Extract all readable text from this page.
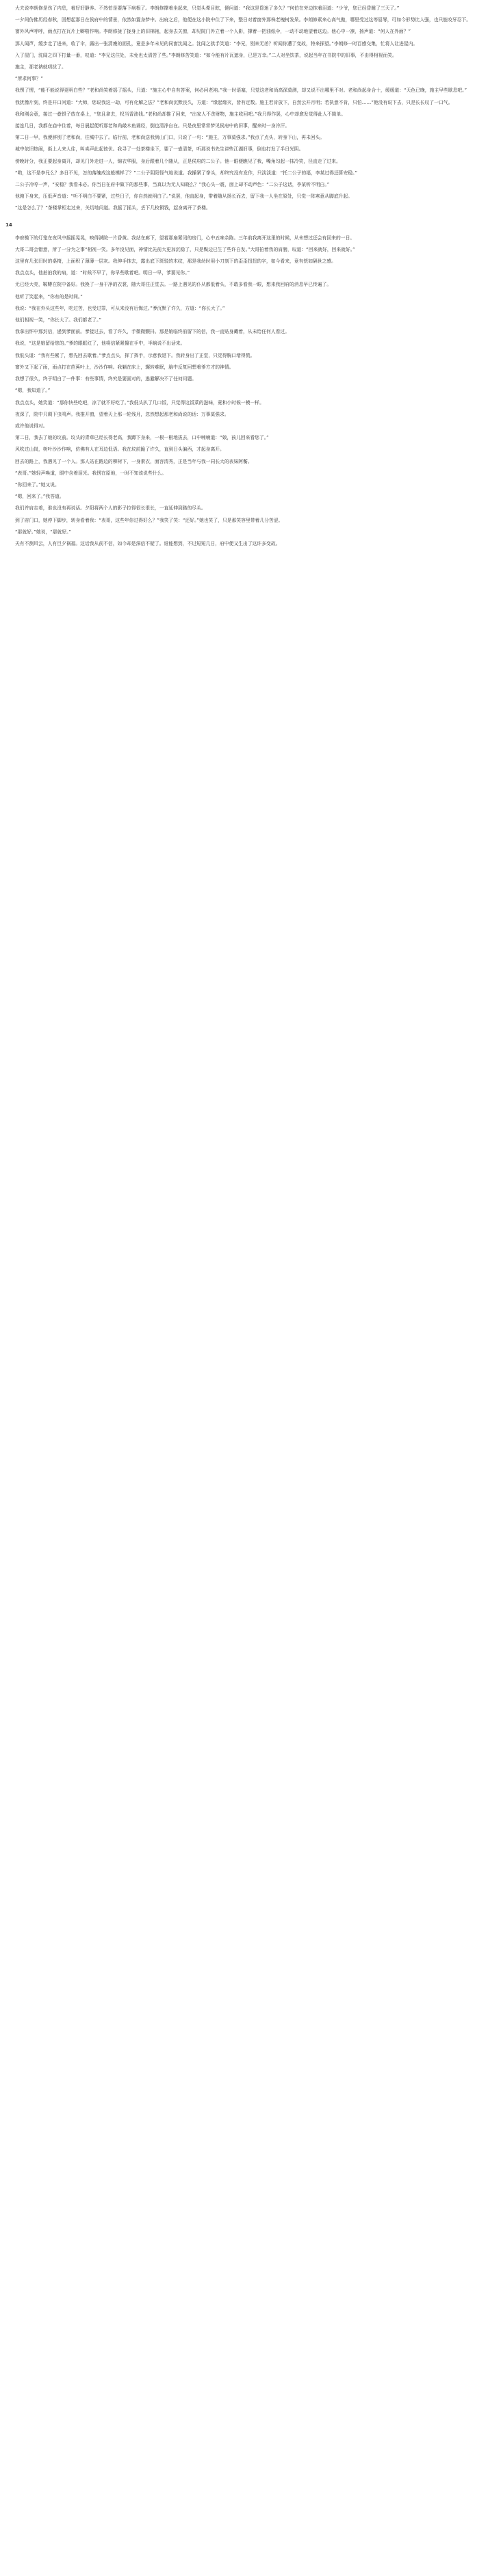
大夫说李朗修是伤了内息，着好好静养。不然怕是要落下病根了。李朗修撑着坐起来，只觉头晕目眩，便问道：“我这是昏迷了多久？”何伯在旁边抹着泪道：“少爷，您已经昏睡了三天了。”

一夕间仿佛历经春秋，回想起那日在侯府中的情景，依然如置身梦中。出府之后，他便在这小院中住了下来，整日对着窗外那株老槐树发呆。李朗修素来心高气傲，哪里受过这等屈辱，可如今形势比人强，也只能咬牙忍下。

窗外风声呼呼，雨点打在瓦片上噼啪作响。李朗修拢了拢身上的旧棉袍，起身去关窗，却见院门外立着一个人影，撑着一把油纸伞，一动不动地望着这边。他心中一凛，扬声道：“何人在外面？”

那人闻声，缓步走了进来，收了伞，露出一张清瘦的面孔，竟是多年未见的同窗沈闻之。沈闻之拱手笑道：“李兄，别来无恙？听闻你遭了变故，特来探望。”李朗修一时百感交集，忙将人让进屋内。

入了屋门，沈闻之四下打量一番，叹道：“李兄这住处，未免也太清苦了些。”李朗修苦笑道：“如今能有片瓦遮身，已是万幸。”二人对坐饮茶，说起当年在书院中的旧事，不由得相视而笑。

施主，那老衲就叨扰了。

“所求何事？”

我愣了愣，“能不能说得更明白些？”老和尚笑着摇了摇头，只道：“施主心中自有答案，何必问老衲。”我一时语塞，只觉这老和尚高深莫测，却又说不出哪里不对。老和尚起身合十，缓缓道：“天色已晚，施主早些歇息吧。”

我犹豫片刻，终是开口问道：“大师，您说我这一劫，可有化解之法？”老和尚沉默良久，方道：“缘起缘灭，皆有定数。施主若肯放下，自然云开月明；若执意不肯，只怕……”他没有说下去，只是长长叹了一口气。

我和刚会意，接过一叠银子放在桌上，“您且拿去，权当香油钱。”老和尚却推了回来，“出家人不贪财物，施主收回吧。”我只得作罢，心中却愈发觉得此人不简单。

接连几日，我都在庙中住着，每日晨起便听那老和尚敲木鱼诵经，倒也清净自在。只是夜里常常梦见侯府中的旧事，醒来时一身冷汗。

第二日一早，我便辞别了老和尚，往城中去了。临行前，老和尚送我到山门口，只说了一句：“施主，万事莫强求。”我点了点头，转身下山，再未回头。

城中依旧热闹，街上人来人往，叫卖声此起彼伏。我寻了一处茶楼坐下，要了一壶清茶，听那说书先生讲些江湖旧事，倒也打发了半日光阴。

傍晚时分，我正要起身离开，却见门外走进一人，锦衣华服，身后跟着几个随从，正是侯府的二公子。他一眼便瞧见了我，嘴角勾起一抹冷笑，径直走了过来。

“哟，这不是李兄么？多日不见，怎的落魄成这般模样了？”二公子阴阳怪气地说道。我攥紧了拳头，却终究没有发作，只淡淡道：“托二公子的福，李某过得还算安稳。”

二公子冷哼一声，“安稳？我看未必。你当日在府中做下的那些事，当真以为无人知晓么？”我心头一震，面上却不动声色：“二公子这话，李某听不明白。”

他俯下身来，压低声音道：“听不明白不要紧，过些日子，你自然就明白了。”说罢，他直起身，带着随从扬长而去，留下我一人坐在原处，只觉一阵寒意从脚底升起。

“这是怎么了？”茶楼掌柜走过来，关切地问道。我摇了摇头，丢下几枚铜钱，起身离开了茶楼。

14

李府檐下的灯笼在夜风中摇摇晃晃，映得满院一片昏黄。我站在廊下，望着那扇紧闭的房门，心中五味杂陈。三年前我离开这里的时候，从未想过还会有回来的一日。

大哥二哥会错意，所了一分为之事“相视一笑。多年没见面，神情比先前大更加沉稳了，只是鬓边已生了些许白发。”大哥拍着我的肩膀，叹道：“回来就好，回来就好。”

这里有几张旧时的桌椅，上面积了薄薄一层灰。我伸手抹去，露出底下斑驳的木纹，那是我幼时用小刀刻下的歪歪扭扭的字，如今看来，竟有恍如隔世之感。

我点点头，他拍拍我的肩，道：“时候不早了，你早些歇着吧。明日一早，爹要见你。”

无已经大亮，鞍鞯在院中备好。我换了一身干净的衣裳，随大哥往正堂去。一路上遇见的仆从都低着头，不敢多看我一眼，想来我回府的消息早已传遍了。

他听了笑起来，“你有的是时间。”

我说：“我在外头这些年，吃过苦，也受过罪，可从来没有后悔过。”爹沉默了许久，方道：“你长大了。”

他们相视一笑，“你长大了。我们都老了。”

我拿出怀中那封信，递到爹面前。爹接过去，看了许久，手微微颤抖。那是娘临终前留下的信，我一直贴身藏着，从未给任何人看过。

我说，“这是娘留给您的。”爹的眼眶红了，他将信紧紧攥在手中，半晌说不出话来。

我低头道：“我有些累了，想先回去歇着。”爹点点头，挥了挥手，示意我退下。我转身出了正堂，只觉得胸口堵得慌。

窗外又下起了雨，雨点打在芭蕉叶上，沙沙作响。我躺在床上，辗转难眠，脑中反复回想着爹方才的神情。

我想了很久，终于明白了一件事：有些事情，终究是要面对的，逃避解决不了任何问题。

“嗯，我知道了。”

我点点头，她笑道：“那你快些吃吧，凉了就不好吃了。”我低头扒了几口饭，只觉得这饭菜的滋味，竟和小时候一模一样。

夜深了，院中只剩下虫鸣声。我推开窗，望着天上那一轮残月，忽然想起那老和尚说的话：万事莫强求。

或许他说得对。

第二日，我去了娘的坟前。坟头的青草已经长得老高，我蹲下身来，一根一根地拔去，口中喃喃道：“娘，孩儿回来看您了。”

风吹过山岗，树叶沙沙作响，仿佛有人在耳边低语。我在坟前跪了许久，直到日头偏西，才起身离开。

回去的路上，我遇见了一个人。那人站在路边的柳树下，一身素衣，面容清秀，正是当年与我一同长大的表妹阿蘅。

“表哥。”她轻声唤道，眼中含着泪光。我愣在原地，一时不知该说些什么。

“你回来了。”她又说。

“嗯，回来了。”我答道。

我们并肩走着，谁也没有再说话。夕阳将两个人的影子拉得很长很长，一直延伸到路的尽头。

到了府门口，她停下脚步，转身看着我：“表哥，这些年你过得好么？”我笑了笑：“还好。”她也笑了，只是那笑容里带着几分苦涩。

“那就好。”她说，“那就好。”

天有不测风云，人有旦夕祸福。这话我从前不信，如今却是深信不疑了。谁能想到，不过短短几日，府中便又生出了这许多变故。
